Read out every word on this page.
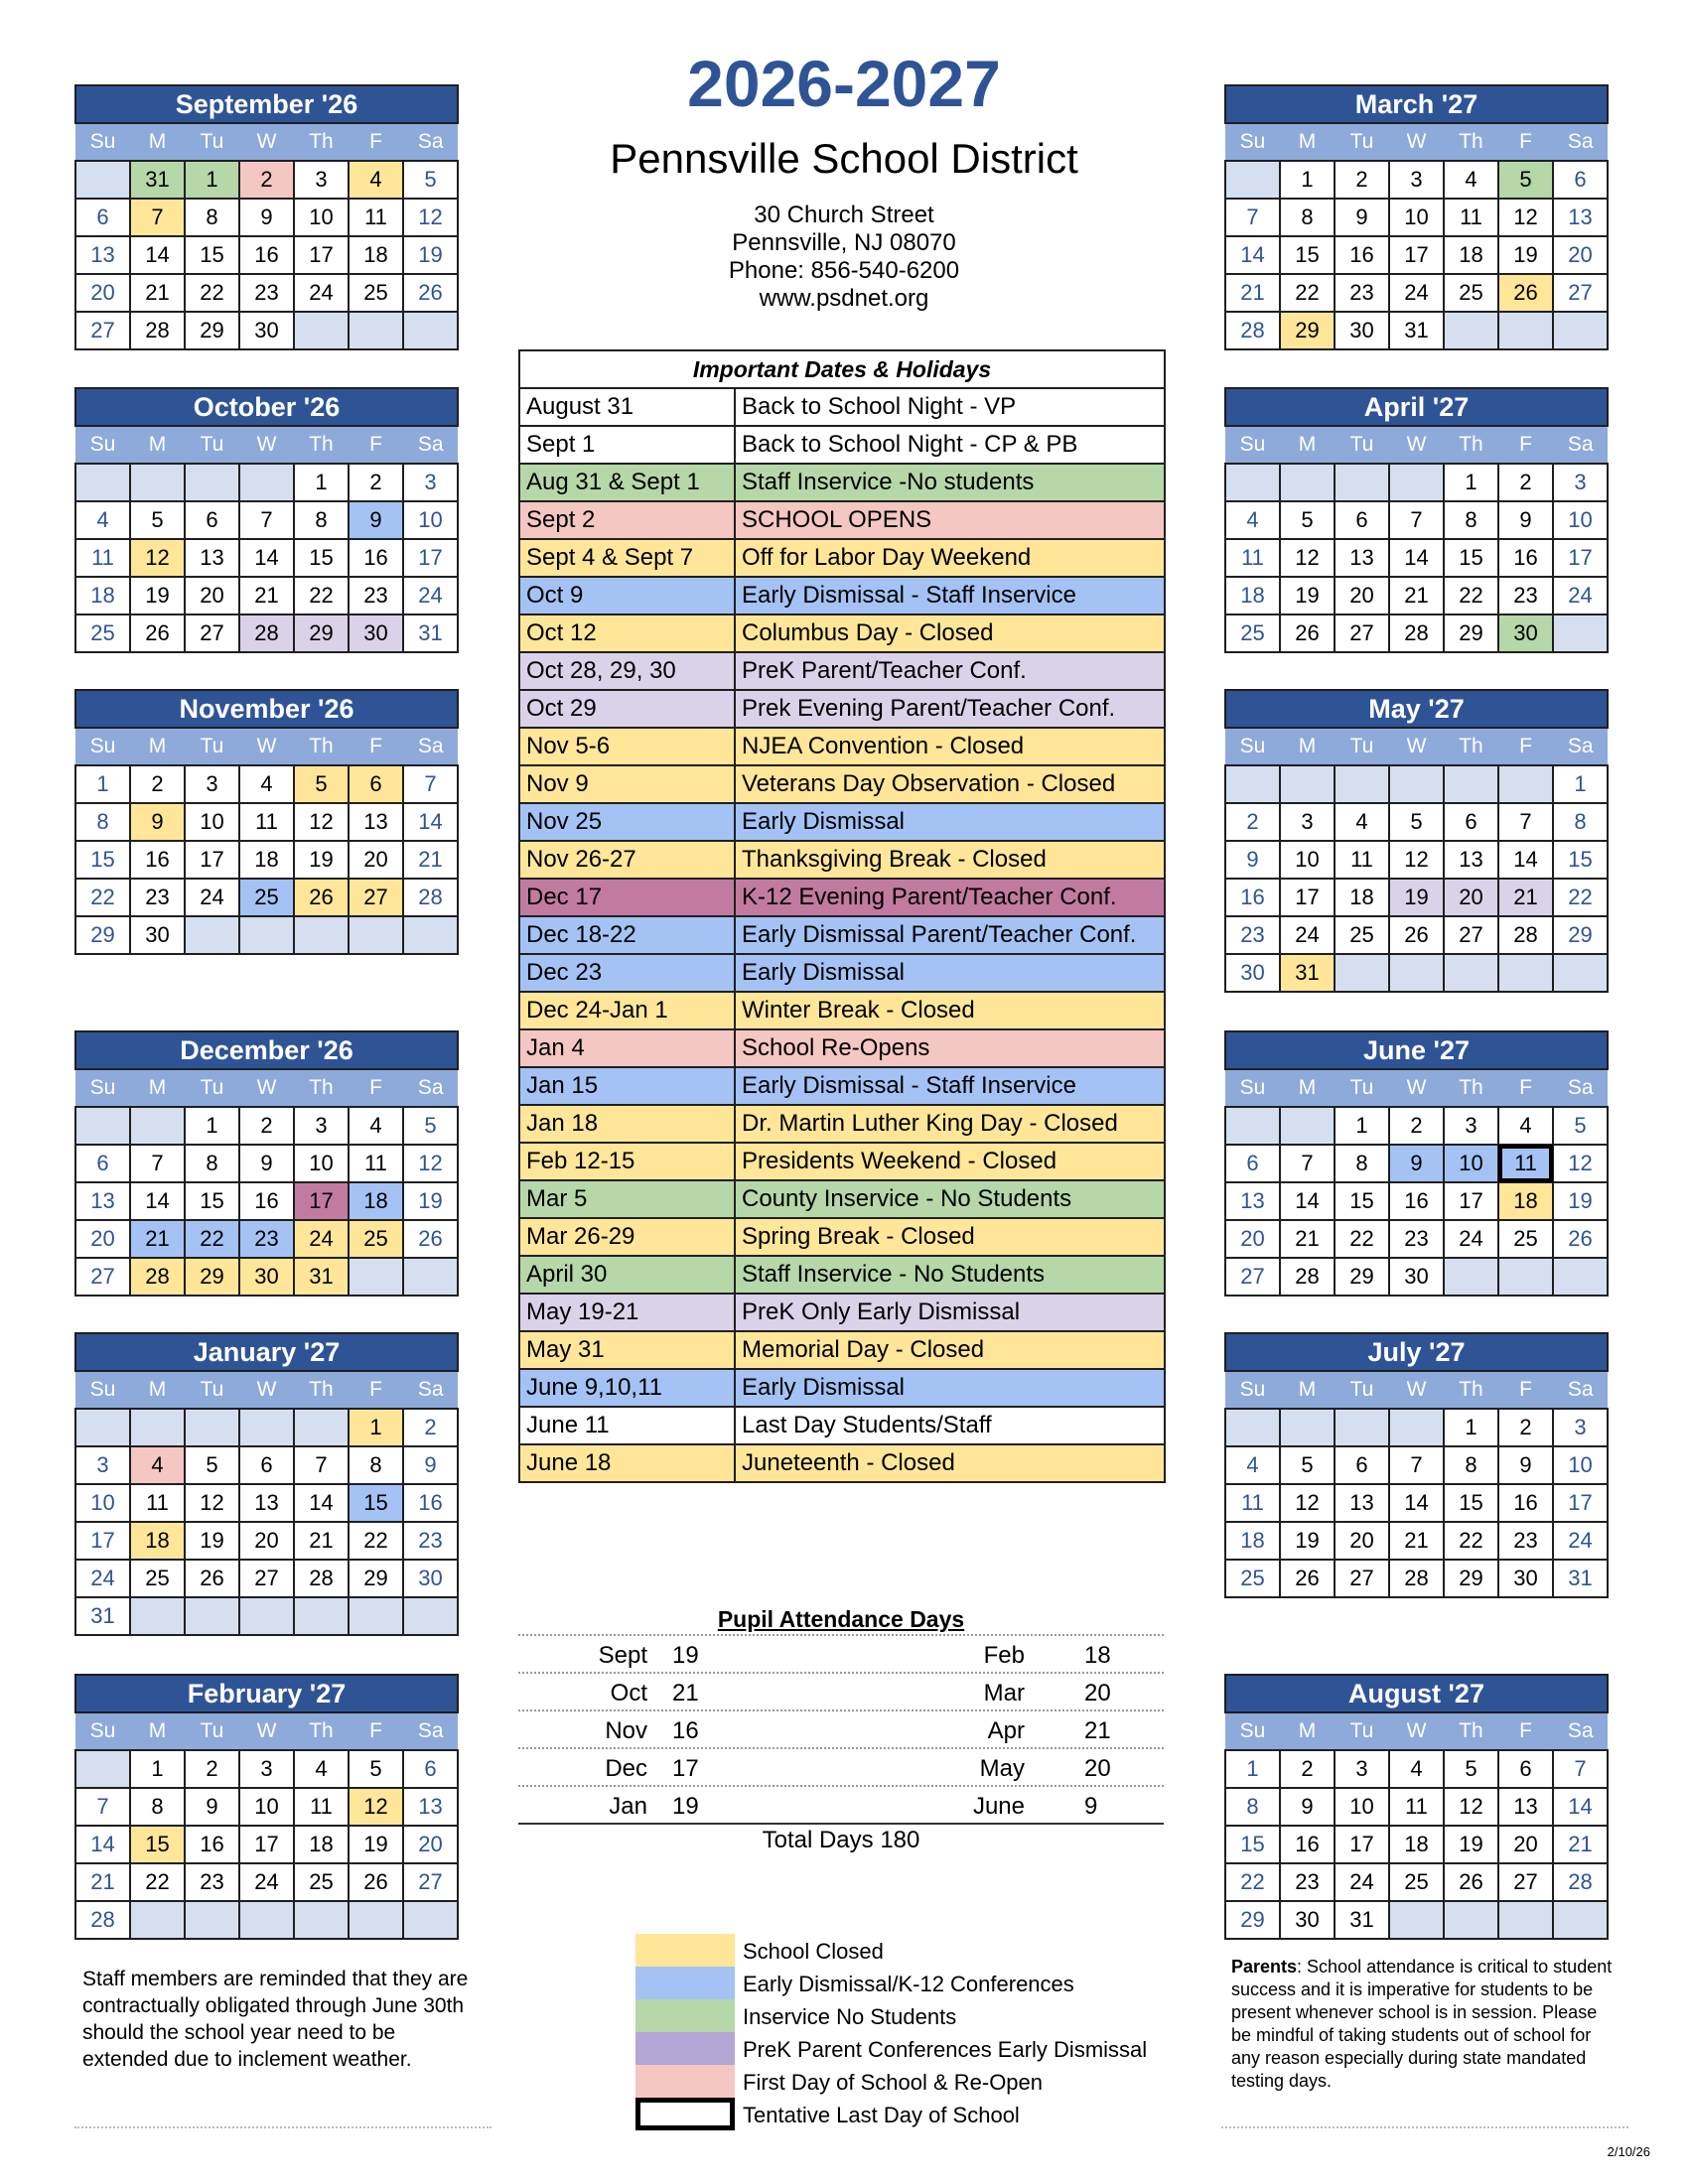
2026-2027
Pennsville School District
30 Church Street
Pennsville, NJ 08070
Phone: 856-540-6200
www.psdnet.org
September '26						
Su	M	Tu	W	Th	F	Sa
	31	1	2	3	4	5
6	7	8	9	10	11	12
13	14	15	16	17	18	19
20	21	22	23	24	25	26
27	28	29	30			
October '26						
Su	M	Tu	W	Th	F	Sa
				1	2	3
4	5	6	7	8	9	10
11	12	13	14	15	16	17
18	19	20	21	22	23	24
25	26	27	28	29	30	31
November '26						
Su	M	Tu	W	Th	F	Sa
1	2	3	4	5	6	7
8	9	10	11	12	13	14
15	16	17	18	19	20	21
22	23	24	25	26	27	28
29	30					
December '26						
Su	M	Tu	W	Th	F	Sa
		1	2	3	4	5
6	7	8	9	10	11	12
13	14	15	16	17	18	19
20	21	22	23	24	25	26
27	28	29	30	31		
January '27						
Su	M	Tu	W	Th	F	Sa
					1	2
3	4	5	6	7	8	9
10	11	12	13	14	15	16
17	18	19	20	21	22	23
24	25	26	27	28	29	30
31						
February '27						
Su	M	Tu	W	Th	F	Sa
	1	2	3	4	5	6
7	8	9	10	11	12	13
14	15	16	17	18	19	20
21	22	23	24	25	26	27
28						
March '27						
Su	M	Tu	W	Th	F	Sa
	1	2	3	4	5	6
7	8	9	10	11	12	13
14	15	16	17	18	19	20
21	22	23	24	25	26	27
28	29	30	31			
April '27						
Su	M	Tu	W	Th	F	Sa
				1	2	3
4	5	6	7	8	9	10
11	12	13	14	15	16	17
18	19	20	21	22	23	24
25	26	27	28	29	30	
May '27						
Su	M	Tu	W	Th	F	Sa
						1
2	3	4	5	6	7	8
9	10	11	12	13	14	15
16	17	18	19	20	21	22
23	24	25	26	27	28	29
30	31					
June '27						
Su	M	Tu	W	Th	F	Sa
		1	2	3	4	5
6	7	8	9	10	11	12
13	14	15	16	17	18	19
20	21	22	23	24	25	26
27	28	29	30			
July '27						
Su	M	Tu	W	Th	F	Sa
				1	2	3
4	5	6	7	8	9	10
11	12	13	14	15	16	17
18	19	20	21	22	23	24
25	26	27	28	29	30	31
August '27						
Su	M	Tu	W	Th	F	Sa
1	2	3	4	5	6	7
8	9	10	11	12	13	14
15	16	17	18	19	20	21
22	23	24	25	26	27	28
29	30	31				
Important Dates & Holidays	
August 31	Back to School Night - VP
Sept 1	Back to School Night - CP & PB
Aug 31 & Sept 1	Staff Inservice -No students
Sept 2	SCHOOL OPENS
Sept 4 & Sept 7	Off for Labor Day Weekend
Oct 9	Early Dismissal - Staff Inservice
Oct 12	Columbus Day - Closed
Oct 28, 29, 30	PreK Parent/Teacher Conf.
Oct 29	Prek Evening Parent/Teacher Conf.
Nov 5-6	NJEA Convention - Closed
Nov 9	Veterans Day Observation - Closed
Nov 25	Early Dismissal
Nov 26-27	Thanksgiving Break - Closed
Dec 17	K-12 Evening Parent/Teacher Conf.
Dec 18-22	Early Dismissal Parent/Teacher Conf.
Dec 23	Early Dismissal
Dec 24-Jan 1	Winter Break - Closed
Jan 4	School Re-Opens
Jan 15	Early Dismissal - Staff Inservice
Jan 18	Dr. Martin Luther King Day - Closed
Feb 12-15	Presidents Weekend - Closed
Mar 5	County Inservice - No Students
Mar 26-29	Spring Break - Closed
April 30	Staff Inservice - No Students
May 19-21	PreK Only Early Dismissal
May 31	Memorial Day - Closed
June 9,10,11	Early Dismissal
June 11	Last Day Students/Staff
June 18	Juneteenth - Closed
Pupil Attendance Days
Sept 19	Feb	18
Oct 21	Mar	20
Nov 16	Apr	21
Dec 17	May	20
Jan 19	June	9
Total Days 180
School Closed
Early Dismissal/K-12 Conferences
Inservice No Students
PreK Parent Conferences Early Dismissal
First Day of School & Re-Open
Tentative Last Day of School
Staff members are reminded that they are contractually obligated through June 30th should the school year need to be extended due to inclement weather.
Parents: School attendance is critical to student success and it is imperative for students to be present whenever school is in session. Please be mindful of taking students out of school for any reason especially during state mandated testing days.
2/10/26
